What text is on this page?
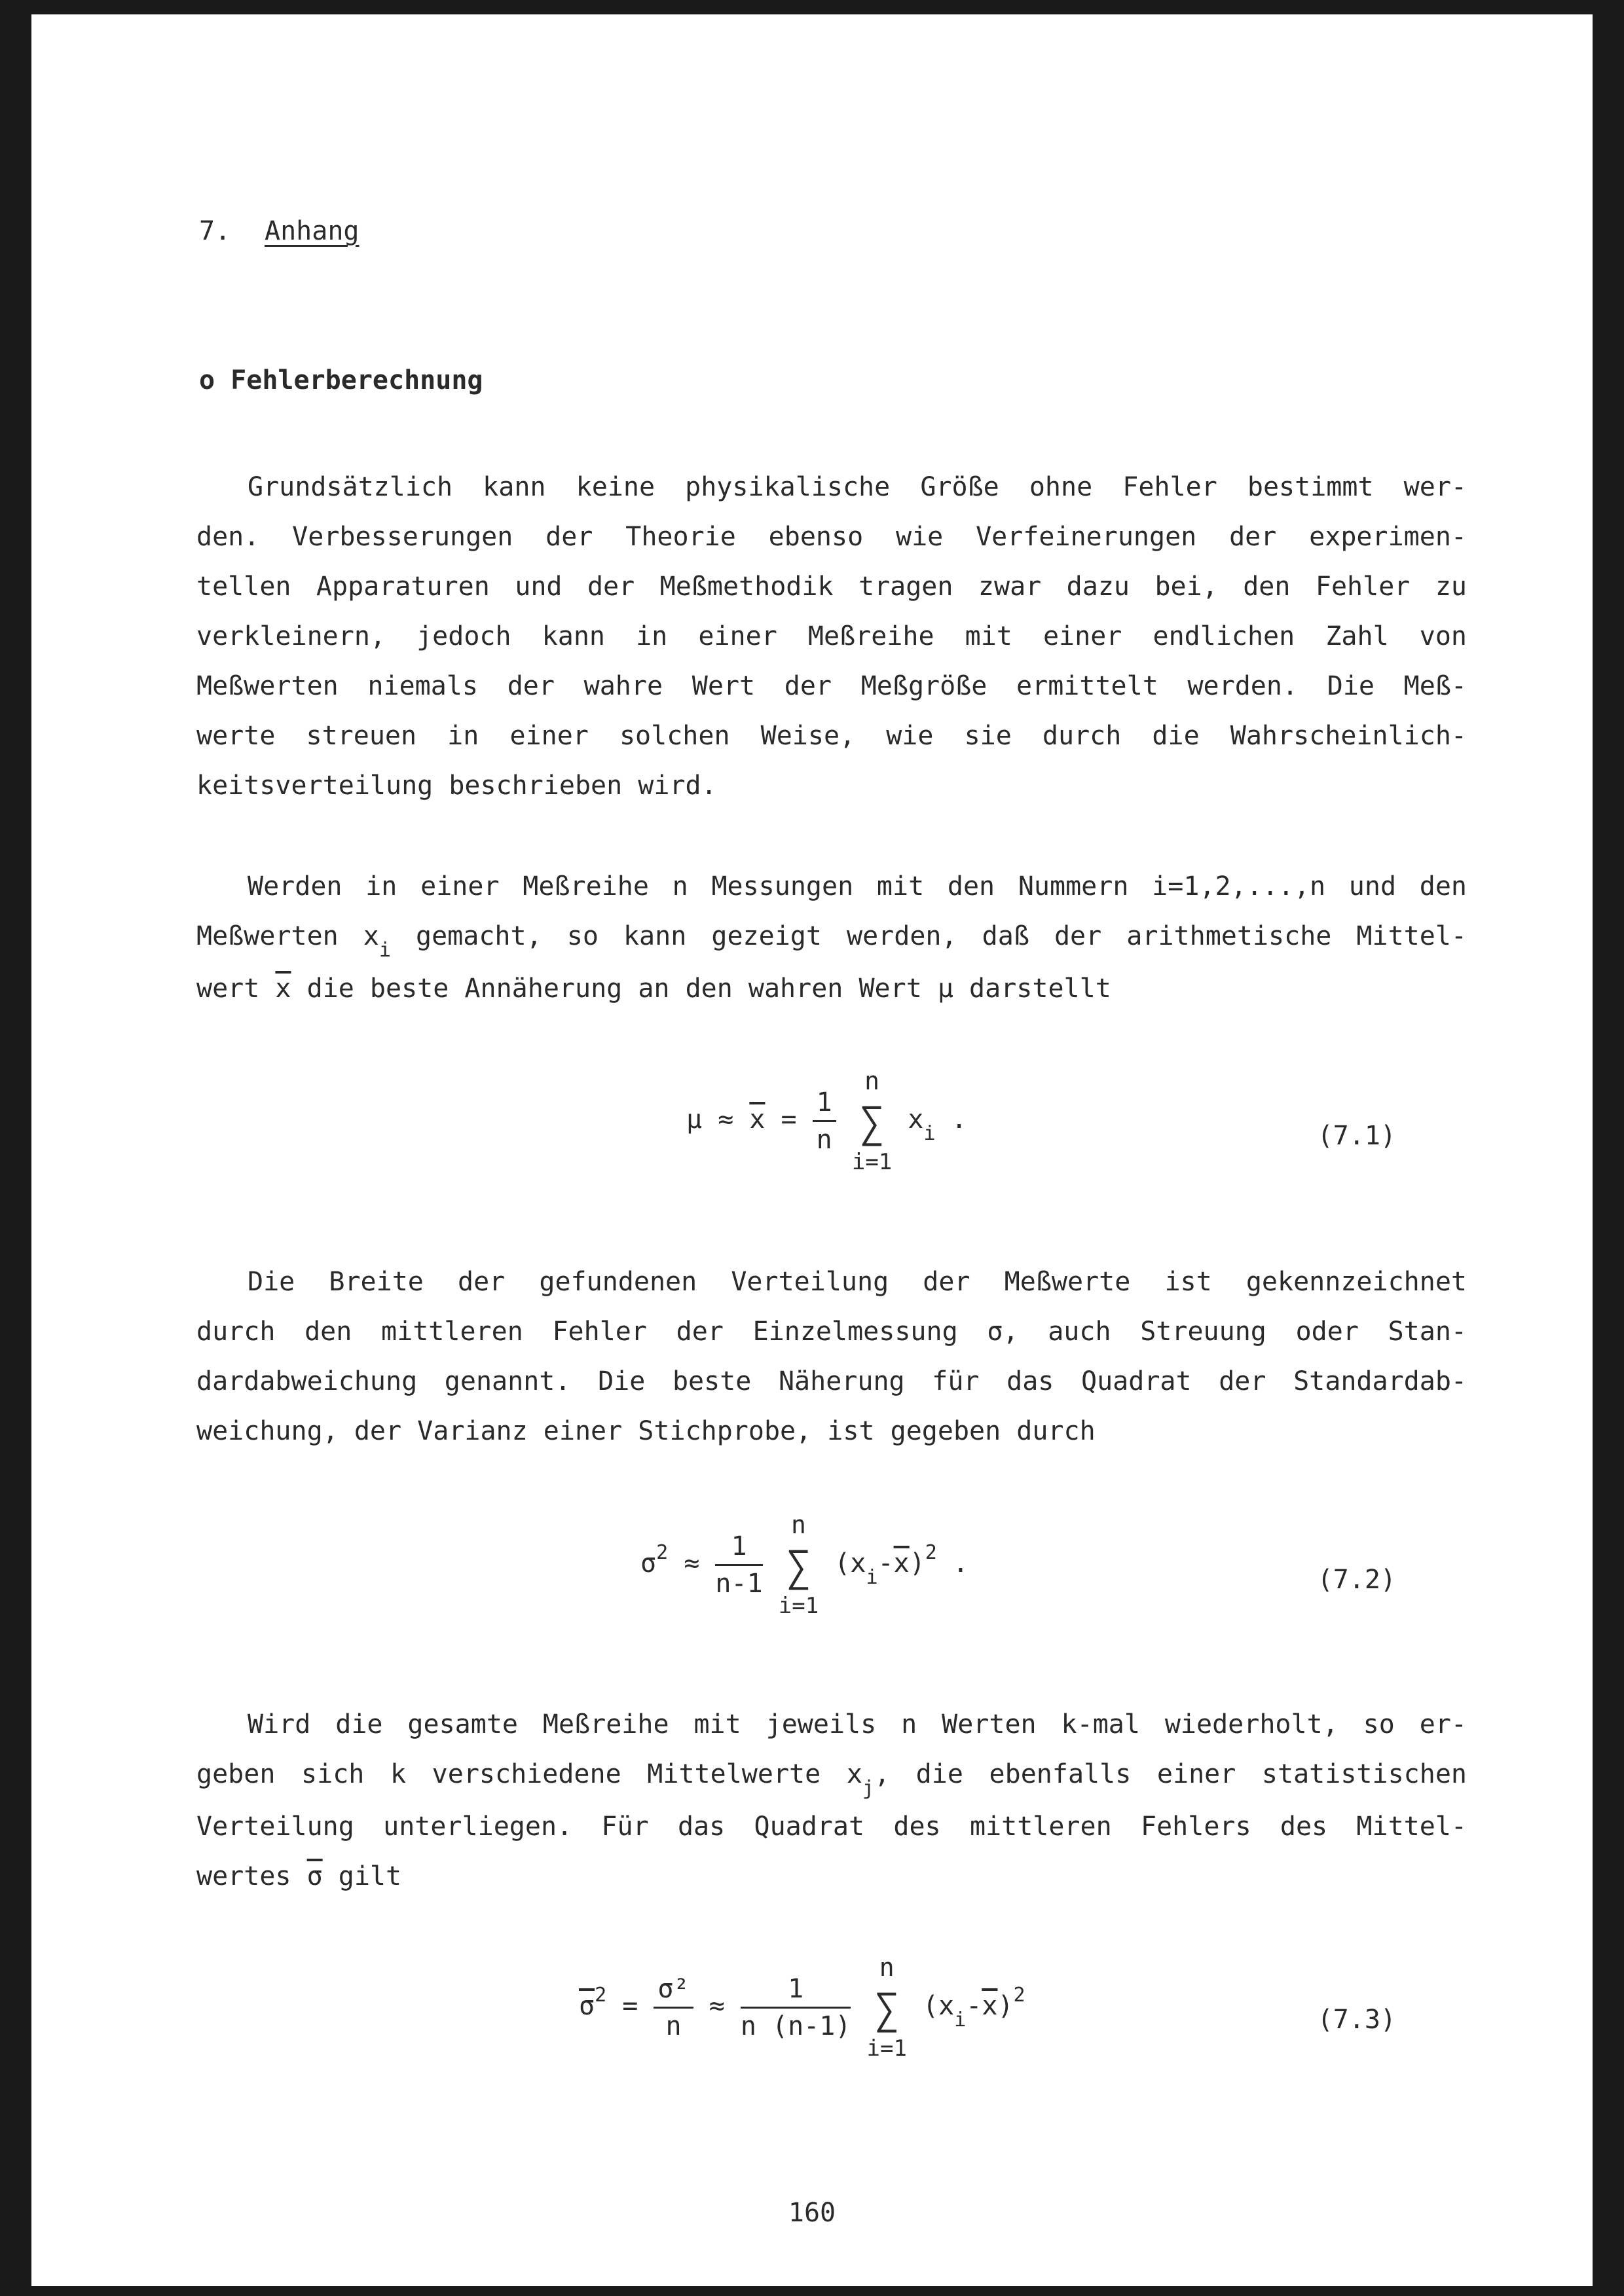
7. Anhang
o Fehlerberechnung
Grundsätzlich kann keine physikalische Größe ohne Fehler bestimmt wer-
den. Verbesserungen der Theorie ebenso wie Verfeinerungen der experimen-
tellen Apparaturen und der Meßmethodik tragen zwar dazu bei, den Fehler zu
verkleinern, jedoch kann in einer Meßreihe mit einer endlichen Zahl von
Meßwerten niemals der wahre Wert der Meßgröße ermittelt werden. Die Meß-
werte streuen in einer solchen Weise, wie sie durch die Wahrscheinlich-
keitsverteilung beschrieben wird.
Werden in einer Meßreihe n Messungen mit den Nummern i=1,2,...,n und den
Meßwerten $x_i$ gemacht, so kann gezeigt werden, daß der arithmetische Mittel-
wert $\overline{x}$ die beste Annäherung an den wahren Wert μ darstellt
$\mu \approx \overline{x} = \frac{1}{n}$

n
∑
i=1
$x_i$ .
(7.1)
Die Breite der gefundenen Verteilung der Meßwerte ist gekennzeichnet
durch den mittleren Fehler der Einzelmessung σ, auch Streuung oder Stan-
dardabweichung genannt. Die beste Näherung für das Quadrat der Standardab-
weichung, der Varianz einer Stichprobe, ist gegeben durch
$\sigma^2 \approx \frac{1}{n-1}$

n
∑
i=1
$(x_i-\overline{x})^2$ .
(7.2)
Wird die gesamte Meßreihe mit jeweils n Werten k-mal wiederholt, so er-
geben sich k verschiedene Mittelwerte $x_j$, die ebenfalls einer statistischen
Verteilung unterliegen. Für das Quadrat des mittleren Fehlers des Mittel-
wertes $\overline{\sigma}$ gilt
$\overline{\sigma}^2 = \frac{\text{σ²}}{n} \approx \frac{1}{n (n-1)}$

n
∑
i=1
$(x_i-\overline{x})^2$
(7.3)
160
